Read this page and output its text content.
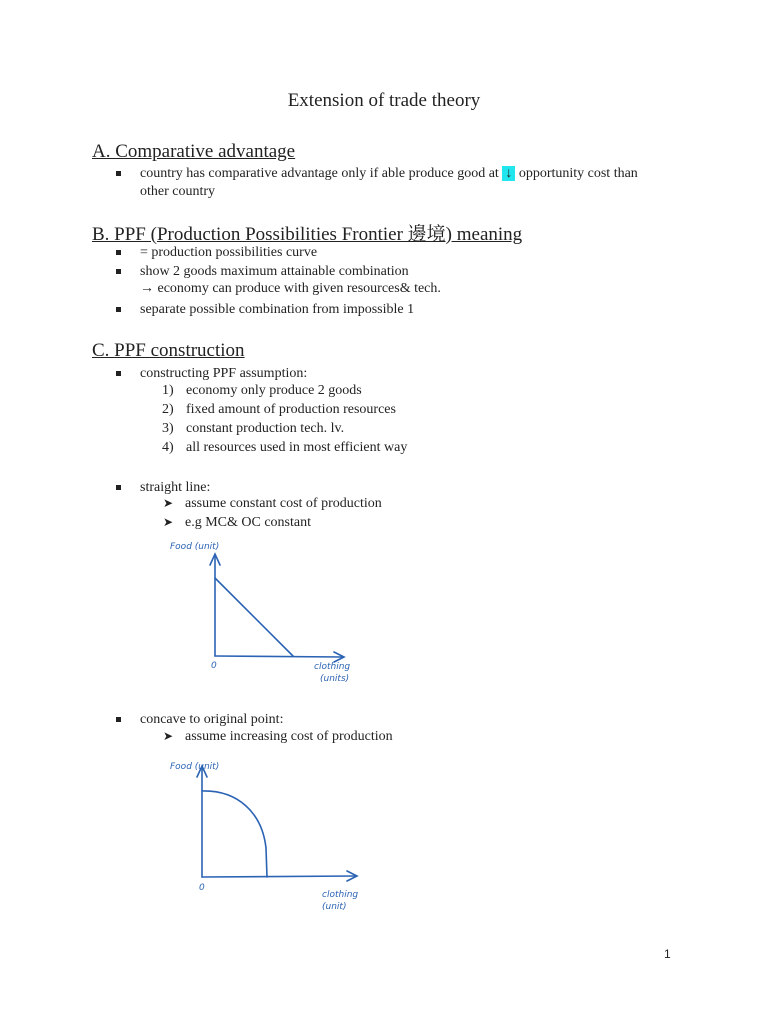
Extension of trade theory
A. Comparative advantage
country has comparative advantage only if able produce good at ↓ opportunity cost than
other country
B. PPF (Production Possibilities Frontier 邊境) meaning
= production possibilities curve
show 2 goods maximum attainable combination
→ economy can produce with given resources& tech.
separate possible combination from impossible 1
C. PPF construction
constructing PPF assumption:
1) economy only produce 2 goods
2) fixed amount of production resources
3) constant production tech. lv.
4) all resources used in most efficient way
straight line:
➤ assume constant cost of production
➤ e.g MC& OC constant
Food (unit)
0	clothing
(units)
concave to original point:
➤ assume increasing cost of production
Food (unit)
0
clothing
(unit)
1
